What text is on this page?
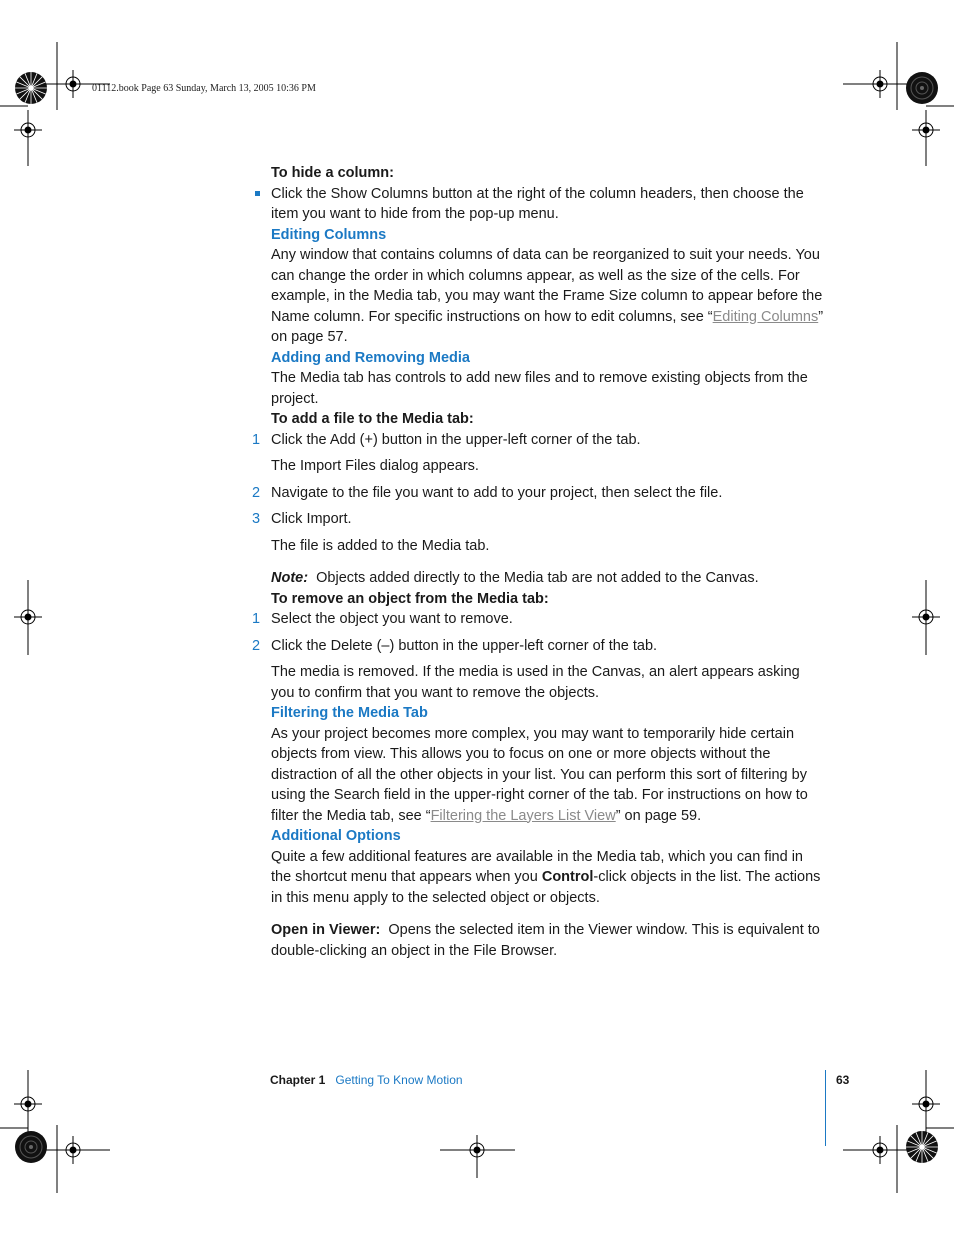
01112.book Page 63 Sunday, March 13, 2005 10:36 PM

To hide a column:

Click the Show Columns button at the right of the column headers, then choose the item you want to hide from the pop-up menu.

Editing Columns

Any window that contains columns of data can be reorganized to suit your needs. You can change the order in which columns appear, as well as the size of the cells. For example, in the Media tab, you may want the Frame Size column to appear before the Name column. For specific instructions on how to edit columns, see “Editing Columns” on page 57.

Adding and Removing Media

The Media tab has controls to add new files and to remove existing objects from the project.

To add a file to the Media tab:

1 Click the Add (+) button in the upper-left corner of the tab.

The Import Files dialog appears.

2 Navigate to the file you want to add to your project, then select the file.

3 Click Import.

The file is added to the Media tab.

Note: Objects added directly to the Media tab are not added to the Canvas.

To remove an object from the Media tab:

1 Select the object you want to remove.

2 Click the Delete (–) button in the upper-left corner of the tab.

The media is removed. If the media is used in the Canvas, an alert appears asking you to confirm that you want to remove the objects.

Filtering the Media Tab

As your project becomes more complex, you may want to temporarily hide certain objects from view. This allows you to focus on one or more objects without the distraction of all the other objects in your list. You can perform this sort of filtering by using the Search field in the upper-right corner of the tab. For instructions on how to filter the Media tab, see “Filtering the Layers List View” on page 59.

Additional Options

Quite a few additional features are available in the Media tab, which you can find in the shortcut menu that appears when you Control-click objects in the list. The actions in this menu apply to the selected object or objects.

Open in Viewer: Opens the selected item in the Viewer window. This is equivalent to double-clicking an object in the File Browser.

Chapter 1 Getting To Know Motion	63
